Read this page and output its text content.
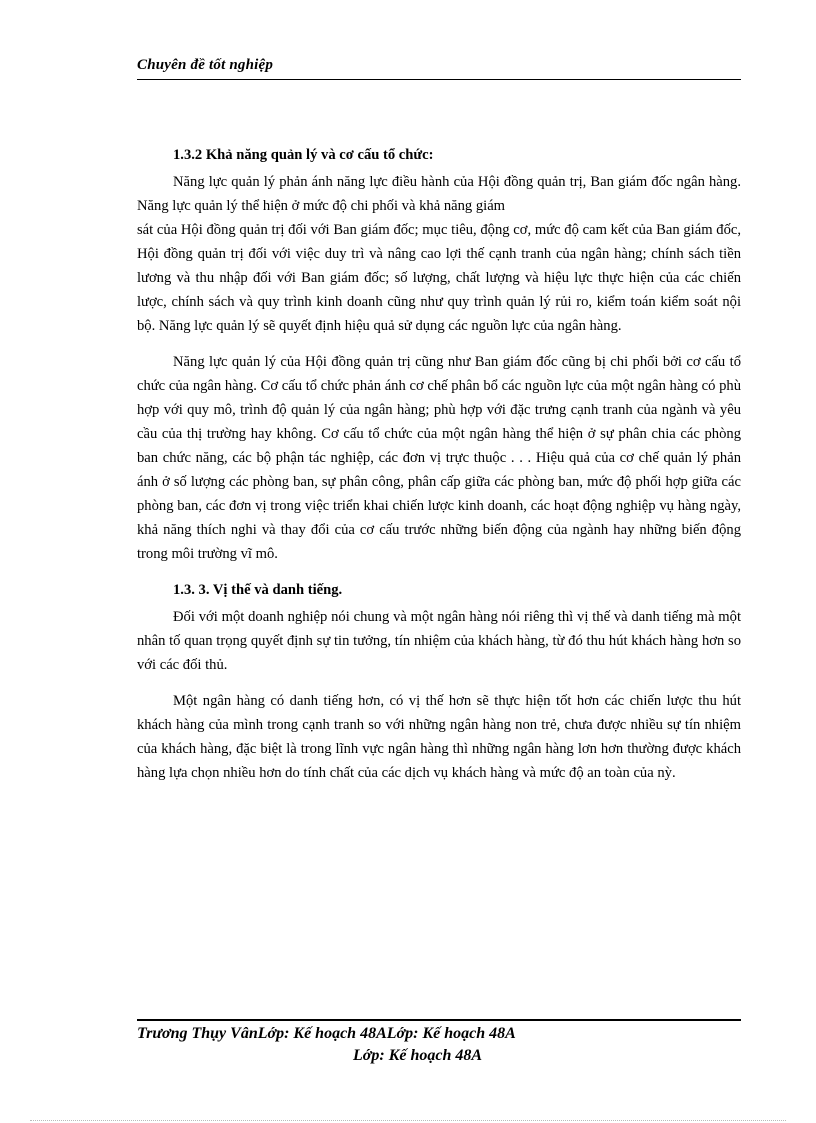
Chuyên đề tốt nghiệp

1.3.2 Khả năng quản lý và cơ cấu tổ chức:

Năng lực quản lý phản ánh năng lực điều hành của Hội đồng quản trị, Ban giám đốc ngân hàng. Năng lực quản lý thể hiện ở mức độ chi phối và khả năng giám

sát của Hội đồng quản trị đối với Ban giám đốc; mục tiêu, động cơ, mức độ cam kết của Ban giám đốc, Hội đồng quản trị đối với việc duy trì và nâng cao lợi thế cạnh tranh của ngân hàng; chính sách tiền lương và thu nhập đối với Ban giám đốc; số lượng, chất lượng và hiệu lực thực hiện của các chiến lược, chính sách và quy trình kinh doanh cũng như quy trình quản lý rủi ro, kiểm toán kiểm soát nội bộ. Năng lực quản lý sẽ quyết định hiệu quả sử dụng các nguồn lực của ngân hàng.

Năng lực quản lý của Hội đồng quản trị cũng như Ban giám đốc cũng bị chi phối bởi cơ cấu tổ chức của ngân hàng. Cơ cấu tổ chức phản ánh cơ chế phân bổ các nguồn lực của một ngân hàng có phù hợp với quy mô, trình độ quản lý của ngân hàng; phù hợp với đặc trưng cạnh tranh của ngành và yêu cầu của thị trường hay không. Cơ cấu tổ chức của một ngân hàng thể hiện ở sự phân chia các phòng ban chức năng, các bộ phận tác nghiệp, các đơn vị trực thuộc . . . Hiệu quả của cơ chế quản lý phản ánh ở số lượng các phòng ban, sự phân công, phân cấp giữa các phòng ban, mức độ phối hợp giữa các phòng ban, các đơn vị trong việc triển khai chiến lược kinh doanh, các hoạt động nghiệp vụ hàng ngày, khả năng thích nghi và thay đổi của cơ cấu trước những biến động của ngành hay những biến động trong môi trường vĩ mô.

1.3. 3. Vị thế và danh tiếng.

Đối với một doanh nghiệp nói chung và một ngân hàng nói riêng thì vị thế và danh tiếng mà một nhân tố quan trọng quyết định sự tin tưởng, tín nhiệm của khách hàng, từ đó thu hút khách hàng hơn so với các đối thủ.

Một ngân hàng có danh tiếng hơn, có vị thế hơn sẽ thực hiện tốt hơn các chiến lược thu hút khách hàng của mình trong cạnh tranh so với những ngân hàng non trẻ, chưa được nhiều sự tín nhiệm của khách hàng, đặc biệt là trong lĩnh vực ngân hàng thì những ngân hàng lơn hơn thường được khách hàng lựa chọn nhiều hơn do tính chất của các dịch vụ khách hàng và mức độ an toàn của nỳ.

Trương Thụy VânLớp: Kế hoạch 48ALớp: Kế hoạch 48A
Lớp: Kế hoạch 48A
